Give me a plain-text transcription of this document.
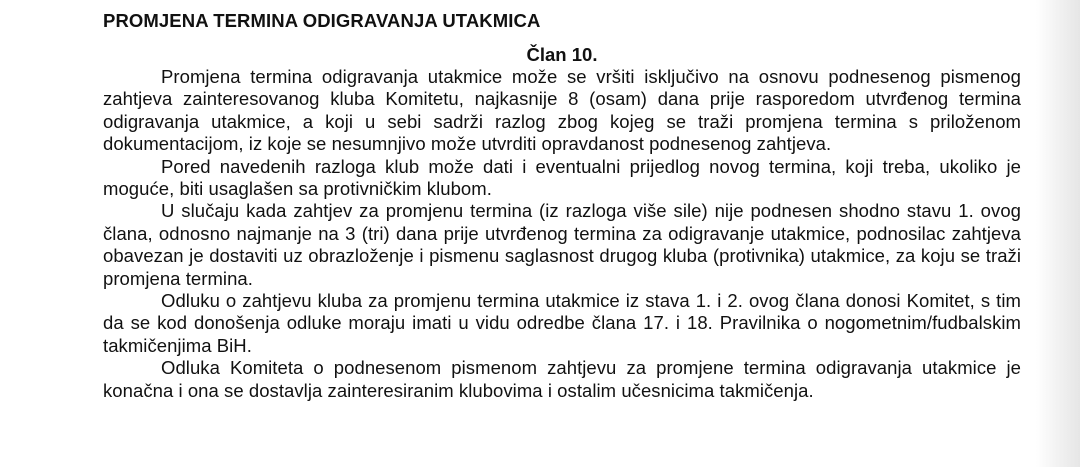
PROMJENA TERMINA ODIGRAVANJA UTAKMICA
Član 10.

Promjena termina odigravanja utakmice može se vršiti isključivo na osnovu podnesenog pismenog zahtjeva zainteresovanog kluba Komitetu, najkasnije 8 (osam) dana prije rasporedom utvrđenog termina odigravanja utakmice, a koji u sebi sadrži razlog zbog kojeg se traži promjena termina s priloženom dokumentacijom, iz koje se nesumnjivo može utvrditi opravdanost podnesenog zahtjeva.

Pored navedenih razloga klub može dati i eventualni prijedlog novog termina, koji treba, ukoliko je moguće, biti usaglašen sa protivničkim klubom.

U slučaju kada zahtjev za promjenu termina (iz razloga više sile) nije podnesen shodno stavu 1. ovog člana, odnosno najmanje na 3 (tri) dana prije utvrđenog termina za odigravanje utakmice, podnosilac zahtjeva obavezan je dostaviti uz obrazloženje i pismenu saglasnost drugog kluba (protivnika) utakmice, za koju se traži promjena termina.

Odluku o zahtjevu kluba za promjenu termina utakmice iz stava 1. i 2. ovog člana donosi Komitet, s tim da se kod donošenja odluke moraju imati u vidu odredbe člana 17. i 18. Pravilnika o nogometnim/fudbalskim takmičenjima BiH.

Odluka Komiteta o podnesenom pismenom zahtjevu za promjene termina odigravanja utakmice je konačna i ona se dostavlja zainteresiranim klubovima i ostalim učesnicima takmičenja.
